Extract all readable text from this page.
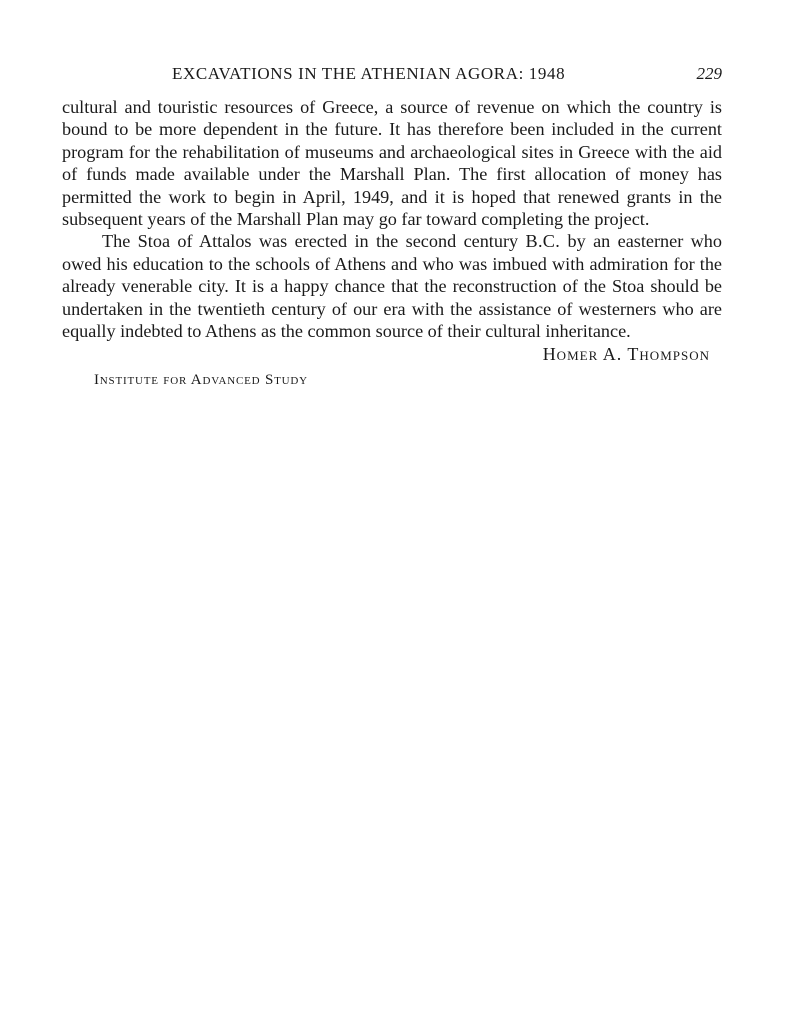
EXCAVATIONS IN THE ATHENIAN AGORA: 1948	229

cultural and touristic resources of Greece, a source of revenue on which the country is bound to be more dependent in the future. It has therefore been included in the current program for the rehabilitation of museums and archaeological sites in Greece with the aid of funds made available under the Marshall Plan. The first allocation of money has permitted the work to begin in April, 1949, and it is hoped that renewed grants in the subsequent years of the Marshall Plan may go far toward completing the project.

The Stoa of Attalos was erected in the second century B.C. by an easterner who owed his education to the schools of Athens and who was imbued with admiration for the already venerable city. It is a happy chance that the reconstruction of the Stoa should be undertaken in the twentieth century of our era with the assistance of westerners who are equally indebted to Athens as the common source of their cultural inheritance.

Homer A. Thompson
Institute for Advanced Study
